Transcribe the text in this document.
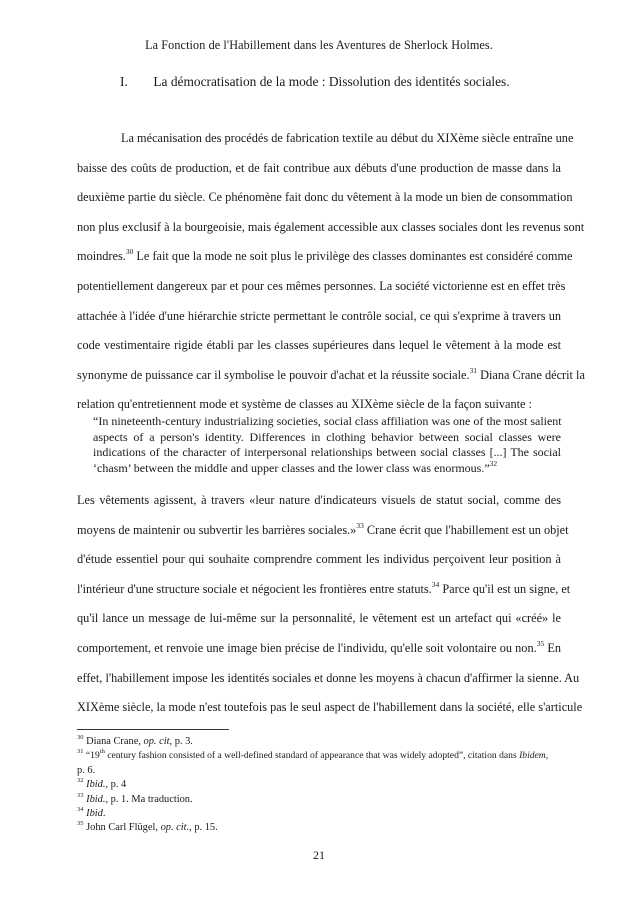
La Fonction de l'Habillement dans les Aventures de Sherlock Holmes.
I. La démocratisation de la mode : Dissolution des identités sociales.
La mécanisation des procédés de fabrication textile au début du XIXème siècle entraîne une
baisse des coûts de production, et de fait contribue aux débuts d'une production de masse dans la
deuxième partie du siècle. Ce phénomène fait donc du vêtement à la mode un bien de consommation
non plus exclusif à la bourgeoisie, mais également accessible aux classes sociales dont les revenus sont
moindres.$^{30}$ Le fait que la mode ne soit plus le privilège des classes dominantes est considéré comme
potentiellement dangereux par et pour ces mêmes personnes. La société victorienne est en effet très
attachée à l'idée d'une hiérarchie stricte permettant le contrôle social, ce qui s'exprime à travers un
code vestimentaire rigide établi par les classes supérieures dans lequel le vêtement à la mode est
synonyme de puissance car il symbolise le pouvoir d'achat et la réussite sociale.$^{31}$ Diana Crane décrit la
relation qu'entretiennent mode et système de classes au XIXème siècle de la façon suivante :
“In nineteenth-century industrializing societies, social class affiliation was one of the most salient
aspects of a person's identity. Differences in clothing behavior between social classes were
indications of the character of interpersonal relationships between social classes [...] The social
‘chasm’ between the middle and upper classes and the lower class was enormous.”$^{32}$
Les vêtements agissent, à travers «leur nature d'indicateurs visuels de statut social, comme des
moyens de maintenir ou subvertir les barrières sociales.»$^{33}$ Crane écrit que l'habillement est un objet
d'étude essentiel pour qui souhaite comprendre comment les individus perçoivent leur position à
l'intérieur d'une structure sociale et négocient les frontières entre statuts.$^{34}$ Parce qu'il est un signe, et
qu'il lance un message de lui-même sur la personnalité, le vêtement est un artefact qui «créé» le
comportement, et renvoie une image bien précise de l'individu, qu'elle soit volontaire ou non.$^{35}$ En
effet, l'habillement impose les identités sociales et donne les moyens à chacun d'affirmer la sienne. Au
XIXème siècle, la mode n'est toutefois pas le seul aspect de l'habillement dans la société, elle s'articule
$^{30}$ Diana Crane, op. cit, p. 3.
$^{31}$ “19th century fashion consisted of a well-defined standard of appearance that was widely adopted”, citation dans Ibidem,
p. 6.
$^{32}$ Ibid., p. 4
$^{33}$ Ibid., p. 1. Ma traduction.
$^{34}$ Ibid.
$^{35}$ John Carl Flügel, op. cit., p. 15.
21
